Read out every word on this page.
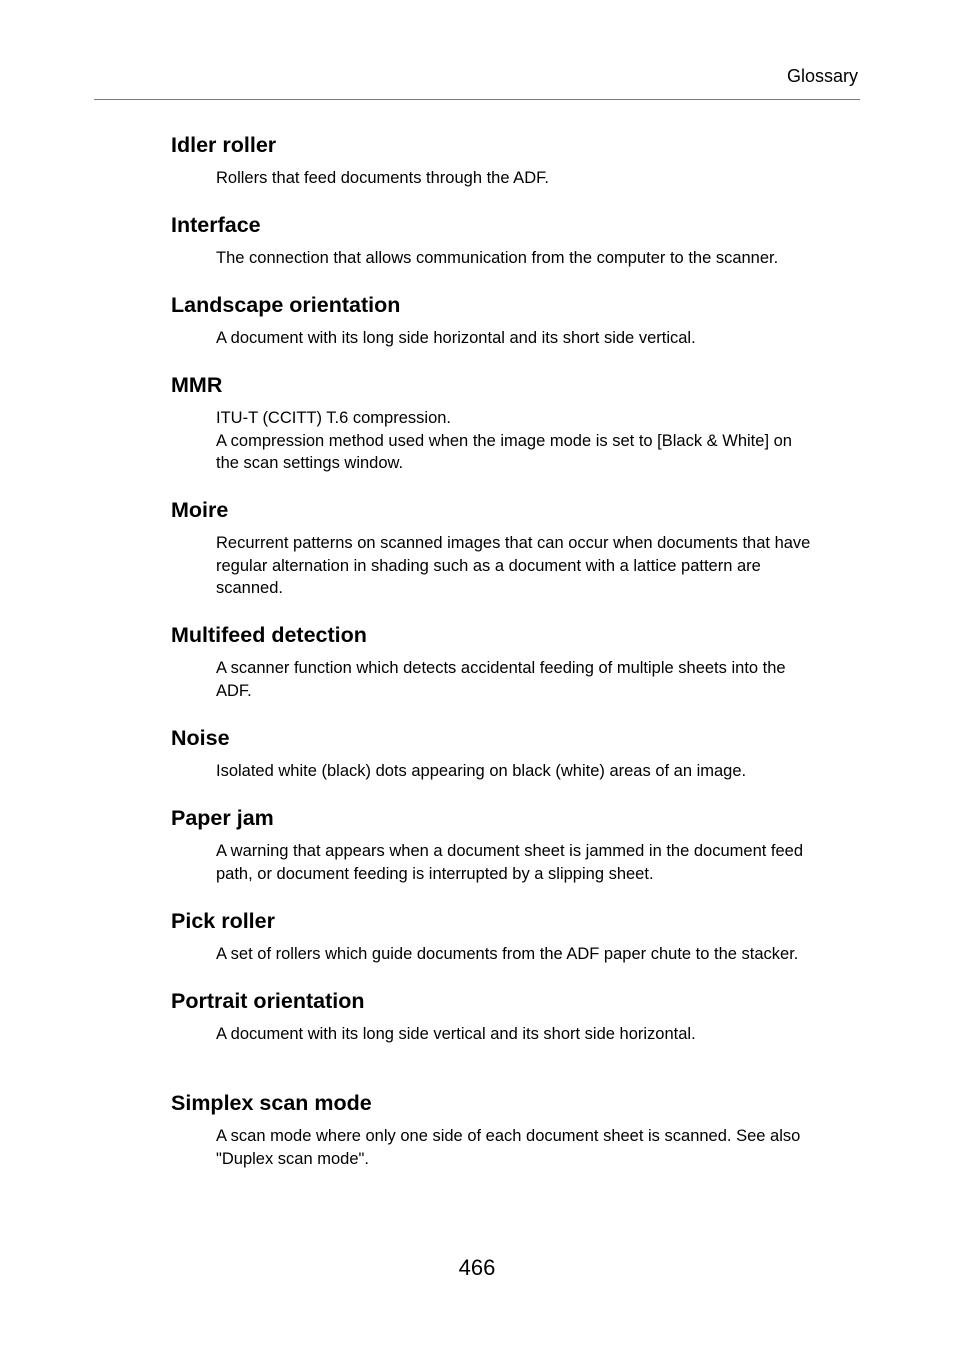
Glossary
Idler roller
Rollers that feed documents through the ADF.
Interface
The connection that allows communication from the computer to the scanner.
Landscape orientation
A document with its long side horizontal and its short side vertical.
MMR
ITU-T (CCITT) T.6 compression.
A compression method used when the image mode is set to [Black & White] on
the scan settings window.
Moire
Recurrent patterns on scanned images that can occur when documents that have
regular alternation in shading such as a document with a lattice pattern are
scanned.
Multifeed detection
A scanner function which detects accidental feeding of multiple sheets into the
ADF.
Noise
Isolated white (black) dots appearing on black (white) areas of an image.
Paper jam
A warning that appears when a document sheet is jammed in the document feed
path, or document feeding is interrupted by a slipping sheet.
Pick roller
A set of rollers which guide documents from the ADF paper chute to the stacker.
Portrait orientation
A document with its long side vertical and its short side horizontal.
Simplex scan mode
A scan mode where only one side of each document sheet is scanned. See also
"Duplex scan mode".
466
